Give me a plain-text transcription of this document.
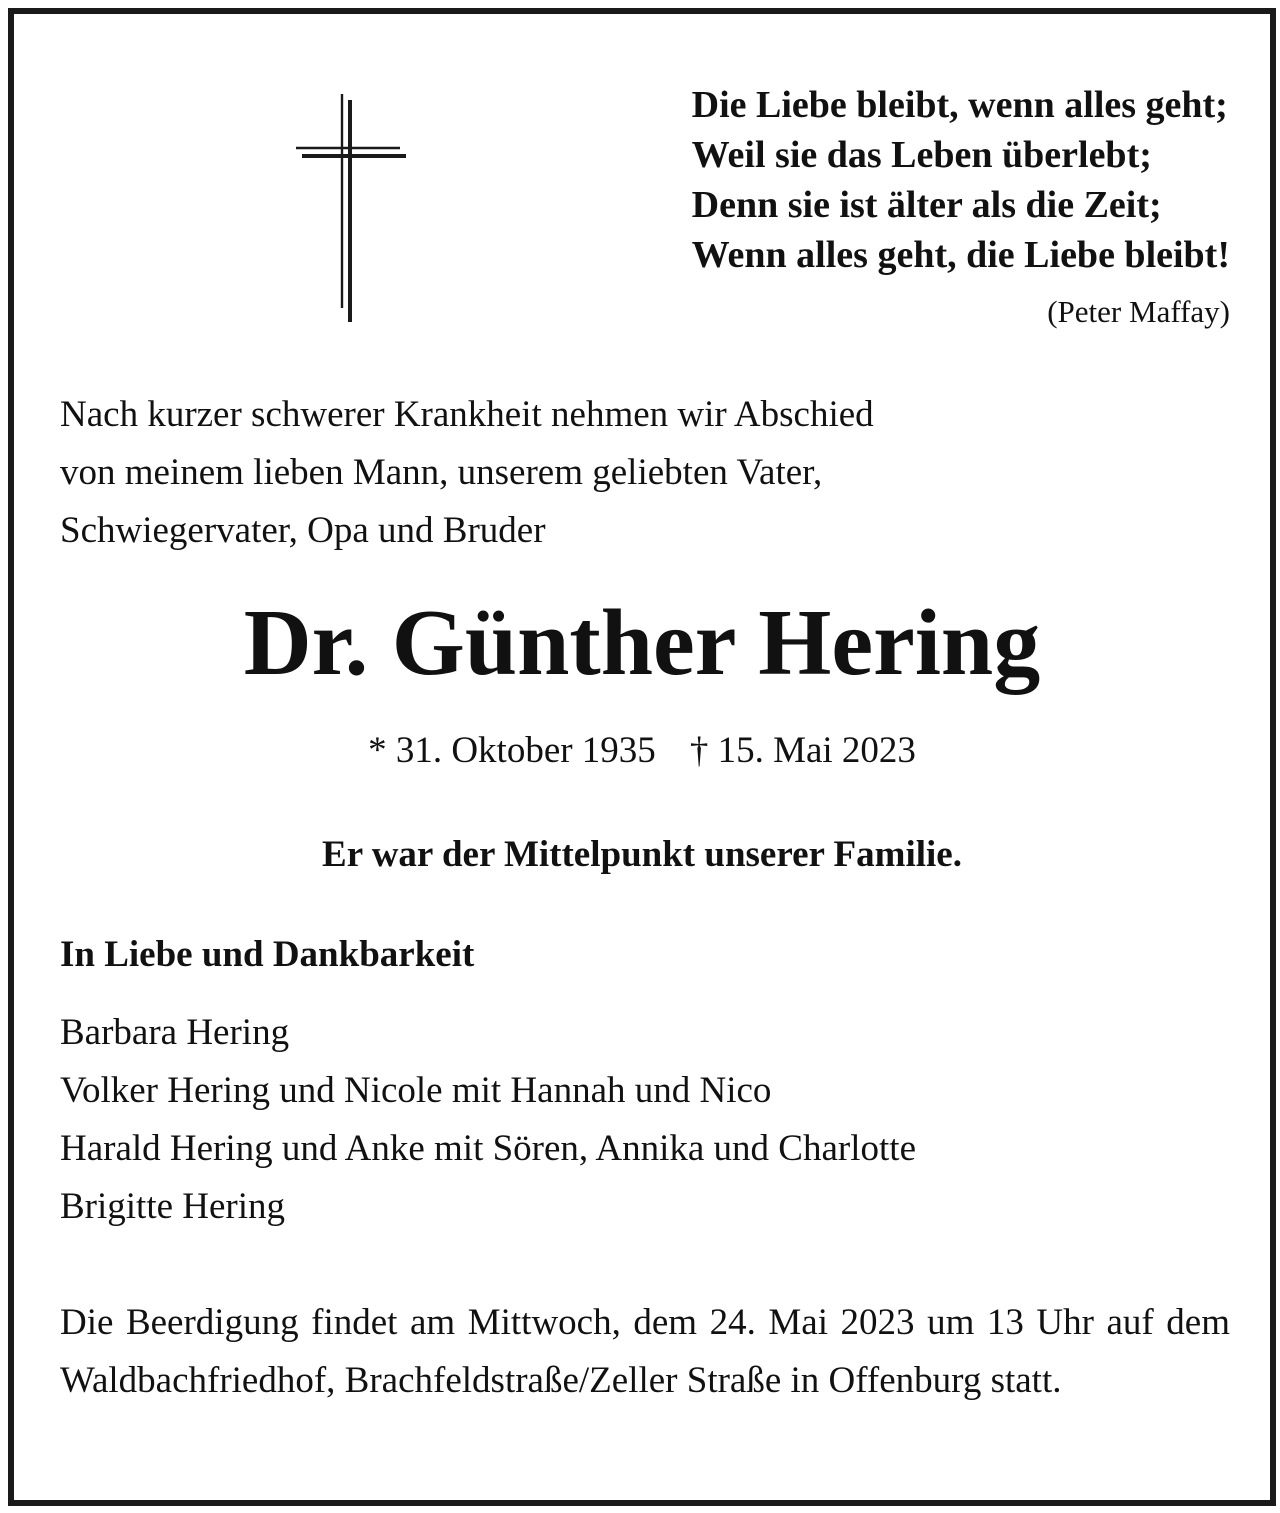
Die Liebe bleibt, wenn alles geht;
Weil sie das Leben überlebt;
Denn sie ist älter als die Zeit;
Wenn alles geht, die Liebe bleibt!
(Peter Maffay)
Nach kurzer schwerer Krankheit nehmen wir Abschied
von meinem lieben Mann, unserem geliebten Vater,
Schwiegervater, Opa und Bruder
Dr. Günther Hering
* 31. Oktober 1935 † 15. Mai 2023
Er war der Mittelpunkt unserer Familie.
In Liebe und Dankbarkeit
Barbara Hering
Volker Hering und Nicole mit Hannah und Nico
Harald Hering und Anke mit Sören, Annika und Charlotte
Brigitte Hering
Die Beerdigung findet am Mittwoch, dem 24. Mai 2023 um 13 Uhr auf dem Waldbachfriedhof, Brachfeldstraße/Zeller Straße in Offenburg statt.
